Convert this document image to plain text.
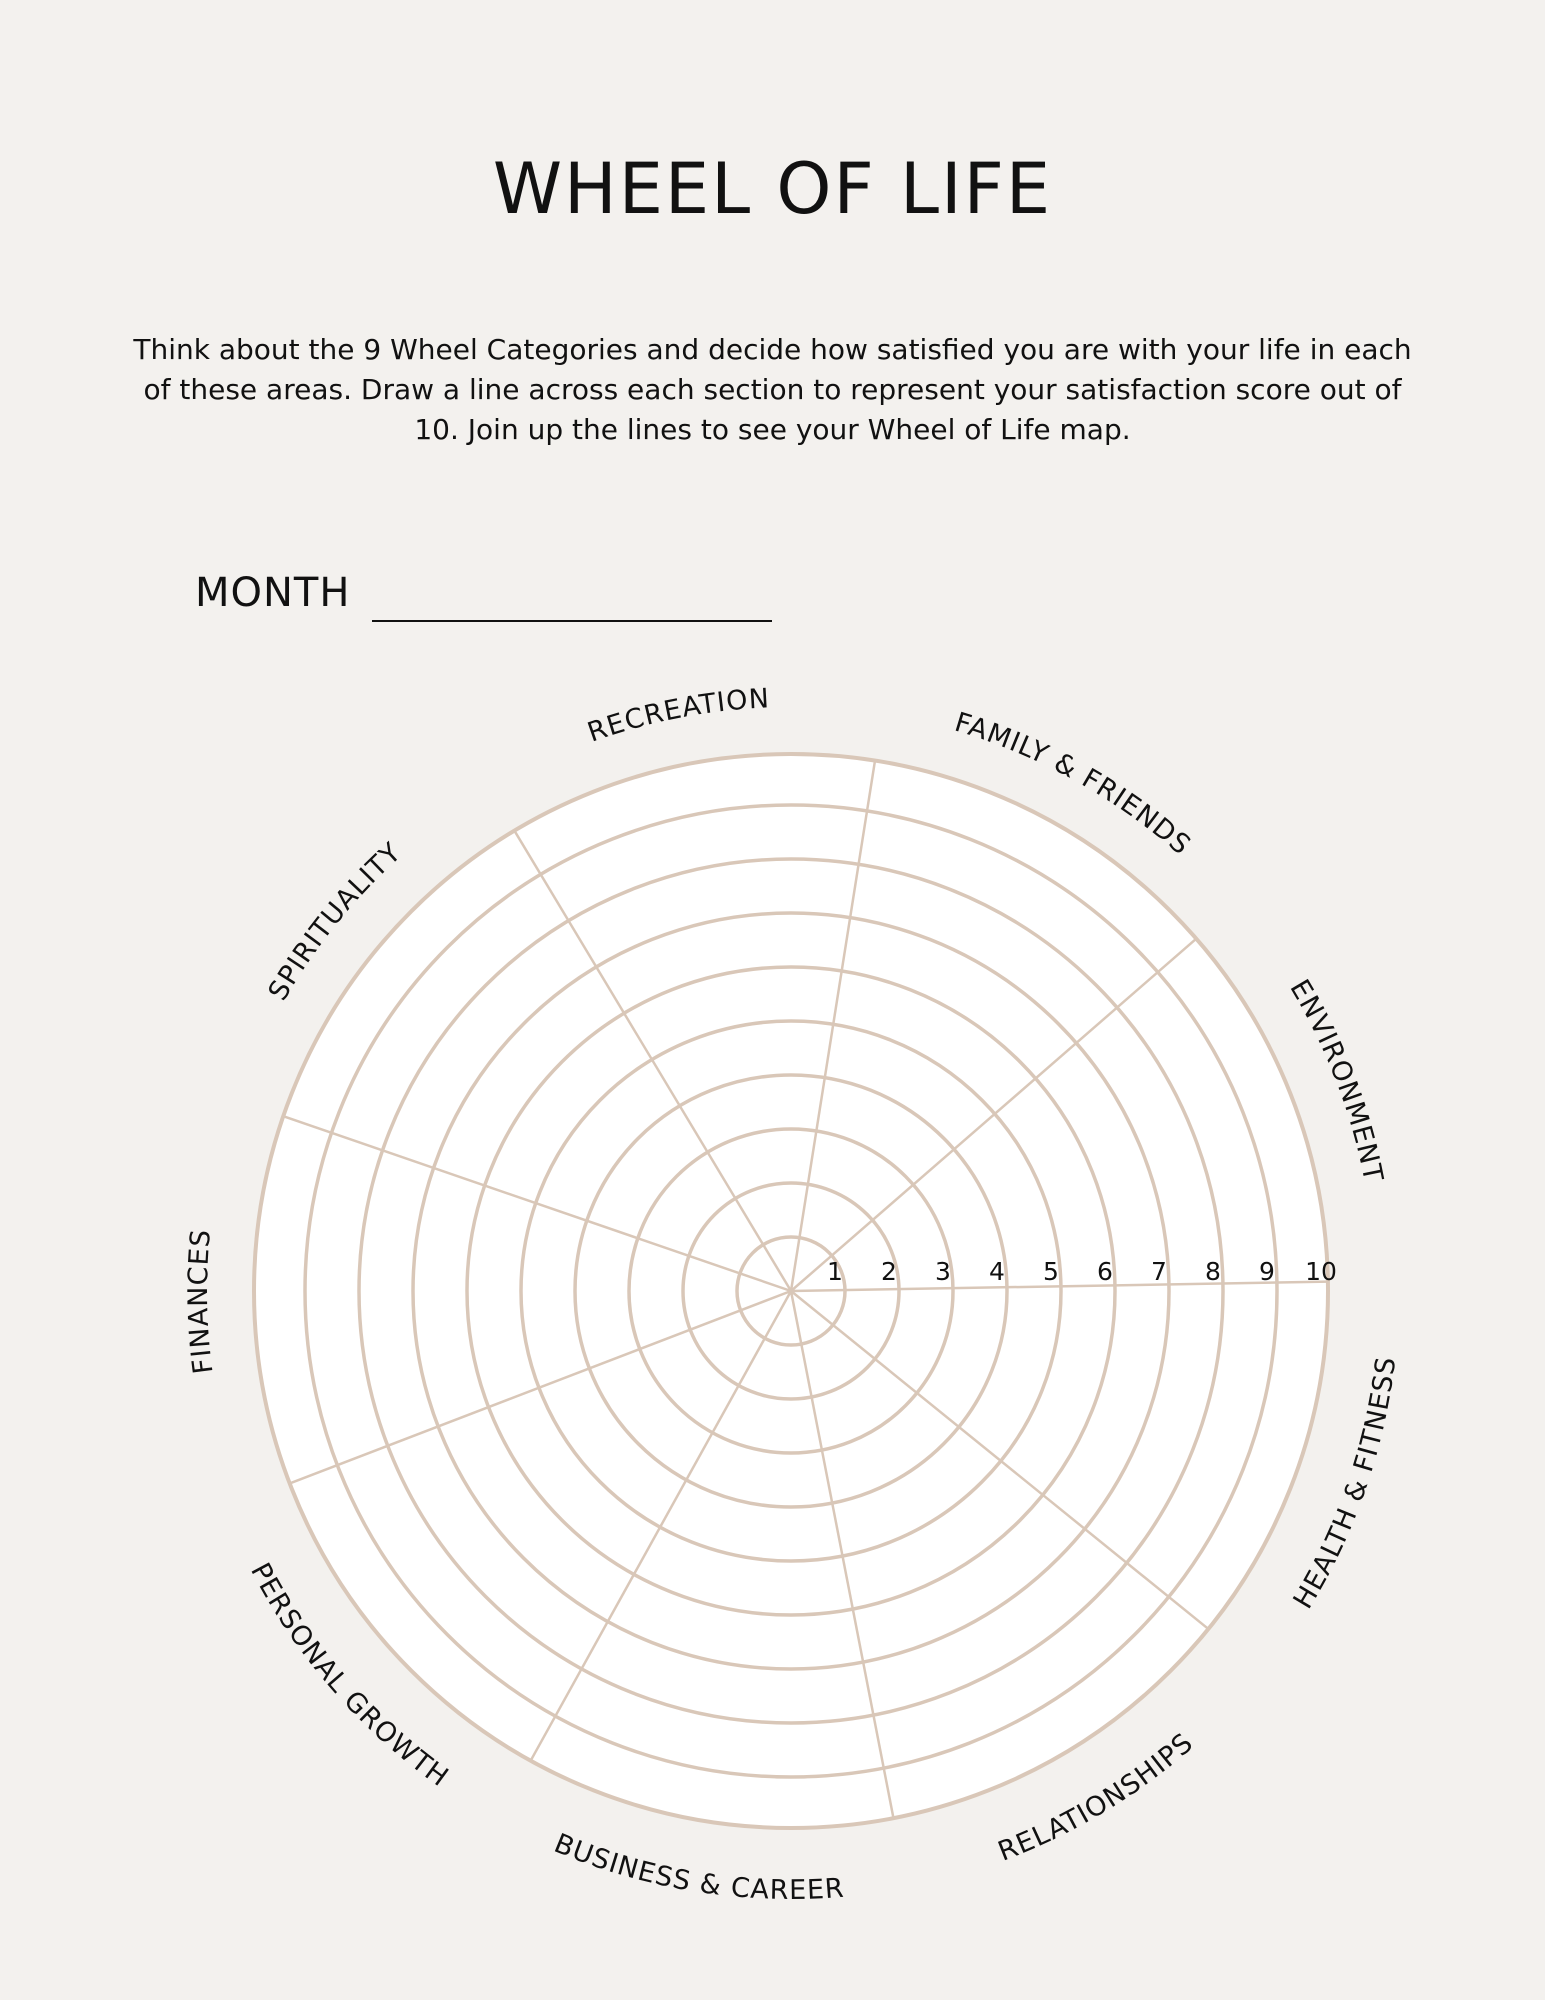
WHEEL OF LIFE

Think about the 9 Wheel Categories and decide how satisfied you are with your life in each of these areas. Draw a line across each section to represent your satisfaction score out of 10. Join up the lines to see your Wheel of Life map.

MONTH
1 2 3 4 5 6 7 8 9 10
ENVIRONMENT
FAMILY & FRIENDS
RECREATION
SPIRITUALITY
FINANCES
PERSONAL GROWTH
BUSINESS & CAREER
RELATIONSHIPS
HEALTH & FITNESS
